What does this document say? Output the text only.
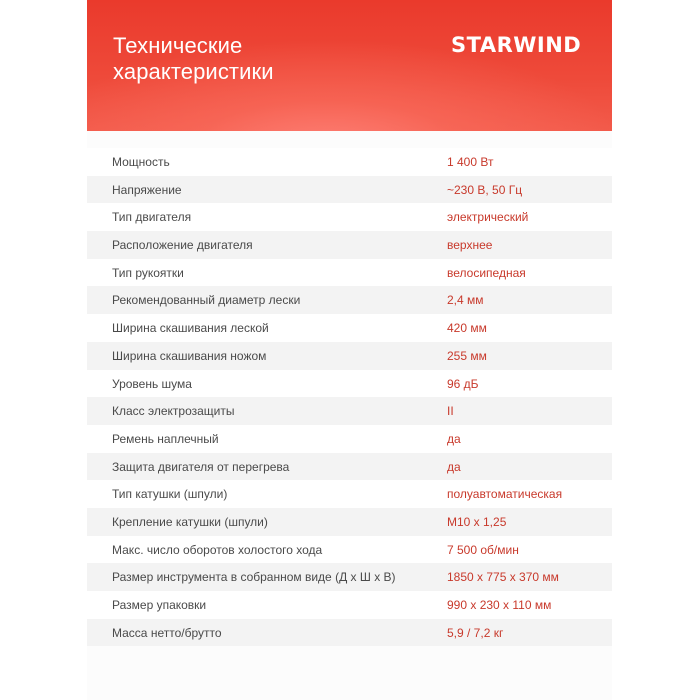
Технические
характеристики
STARWIND
Мощность	1 400 Вт
Напряжение	~230 В, 50 Гц
Тип двигателя	электрический
Расположение двигателя	верхнее
Тип рукоятки	велосипедная
Рекомендованный диаметр лески	2,4 мм
Ширина скашивания леской	420 мм
Ширина скашивания ножом	255 мм
Уровень шума	96 дБ
Класс электрозащиты	II
Ремень наплечный	да
Защита двигателя от перегрева	да
Тип катушки (шпули)	полуавтоматическая
Крепление катушки (шпули)	M10 x 1,25
Макс. число оборотов холостого хода	7 500 об/мин
Размер инструмента в собранном виде (Д x Ш x В)	1850 x 775 x 370 мм
Размер упаковки	990 x 230 x 110 мм
Масса нетто/брутто	5,9 / 7,2 кг
